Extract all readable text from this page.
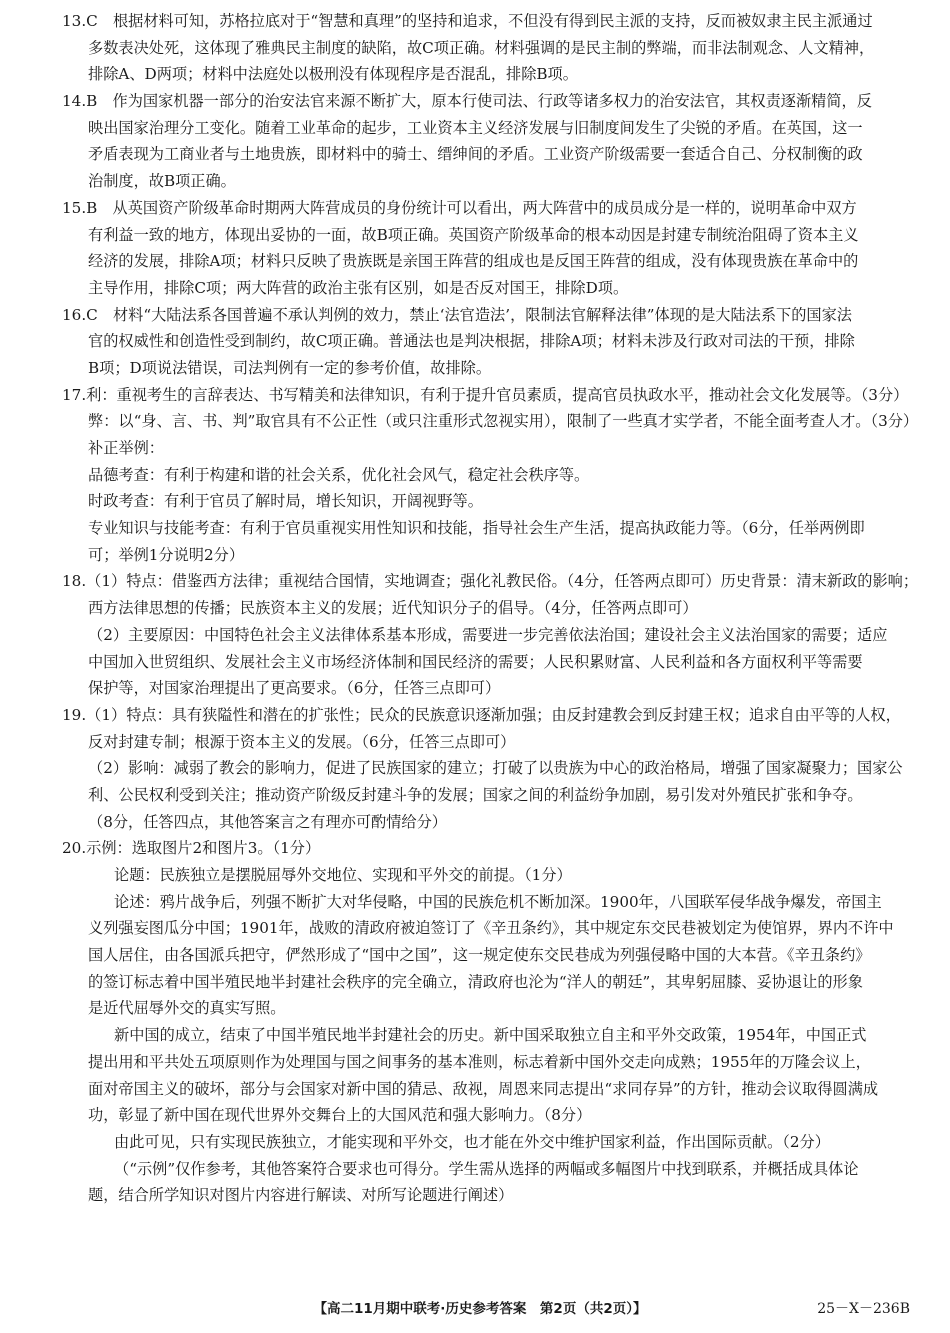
13.C　根据材料可知，苏格拉底对于“智慧和真理”的坚持和追求，不但没有得到民主派的支持，反而被奴隶主民主派通过
多数表决处死，这体现了雅典民主制度的缺陷，故C项正确。材料强调的是民主制的弊端，而非法制观念、人文精神，
排除A、D两项；材料中法庭处以极刑没有体现程序是否混乱，排除B项。
14.B　作为国家机器一部分的治安法官来源不断扩大，原本行使司法、行政等诸多权力的治安法官，其权责逐渐精简，反
映出国家治理分工变化。随着工业革命的起步，工业资本主义经济发展与旧制度间发生了尖锐的矛盾。在英国，这一
矛盾表现为工商业者与土地贵族，即材料中的骑士、缙绅间的矛盾。工业资产阶级需要一套适合自己、分权制衡的政
治制度，故B项正确。
15.B　从英国资产阶级革命时期两大阵营成员的身份统计可以看出，两大阵营中的成员成分是一样的，说明革命中双方
有利益一致的地方，体现出妥协的一面，故B项正确。英国资产阶级革命的根本动因是封建专制统治阻碍了资本主义
经济的发展，排除A项；材料只反映了贵族既是亲国王阵营的组成也是反国王阵营的组成，没有体现贵族在革命中的
主导作用，排除C项；两大阵营的政治主张有区别，如是否反对国王，排除D项。
16.C　材料“大陆法系各国普遍不承认判例的效力，禁止‘法官造法’，限制法官解释法律”体现的是大陆法系下的国家法
官的权威性和创造性受到制约，故C项正确。普通法也是判决根据，排除A项；材料未涉及行政对司法的干预，排除
B项；D项说法错误，司法判例有一定的参考价值，故排除。
17.利：重视考生的言辞表达、书写精美和法律知识，有利于提升官员素质，提高官员执政水平，推动社会文化发展等。（3分）
弊：以“身、言、书、判”取官具有不公正性（或只注重形式忽视实用），限制了一些真才实学者，不能全面考查人才。（3分）
补正举例：
品德考查：有利于构建和谐的社会关系，优化社会风气，稳定社会秩序等。
时政考查：有利于官员了解时局，增长知识，开阔视野等。
专业知识与技能考查：有利于官员重视实用性知识和技能，指导社会生产生活，提高执政能力等。（6分，任举两例即
可；举例1分说明2分）
18.（1）特点：借鉴西方法律；重视结合国情，实地调查；强化礼教民俗。（4分，任答两点即可）历史背景：清末新政的影响；
西方法律思想的传播；民族资本主义的发展；近代知识分子的倡导。（4分，任答两点即可）
（2）主要原因：中国特色社会主义法律体系基本形成，需要进一步完善依法治国；建设社会主义法治国家的需要；适应
中国加入世贸组织、发展社会主义市场经济体制和国民经济的需要；人民积累财富、人民利益和各方面权利平等需要
保护等，对国家治理提出了更高要求。（6分，任答三点即可）
19.（1）特点：具有狭隘性和潜在的扩张性；民众的民族意识逐渐加强；由反封建教会到反封建王权；追求自由平等的人权，
反对封建专制；根源于资本主义的发展。（6分，任答三点即可）
（2）影响：减弱了教会的影响力，促进了民族国家的建立；打破了以贵族为中心的政治格局，增强了国家凝聚力；国家公
利、公民权利受到关注；推动资产阶级反封建斗争的发展；国家之间的利益纷争加剧，易引发对外殖民扩张和争夺。
（8分，任答四点，其他答案言之有理亦可酌情给分）
20.示例：选取图片2和图片3。（1分）
论题：民族独立是摆脱屈辱外交地位、实现和平外交的前提。（1分）
论述：鸦片战争后，列强不断扩大对华侵略，中国的民族危机不断加深。1900年，八国联军侵华战争爆发，帝国主
义列强妄图瓜分中国；1901年，战败的清政府被迫签订了《辛丑条约》，其中规定东交民巷被划定为使馆界，界内不许中
国人居住，由各国派兵把守，俨然形成了“国中之国”，这一规定使东交民巷成为列强侵略中国的大本营。《辛丑条约》
的签订标志着中国半殖民地半封建社会秩序的完全确立，清政府也沦为“洋人的朝廷”，其卑躬屈膝、妥协退让的形象
是近代屈辱外交的真实写照。
新中国的成立，结束了中国半殖民地半封建社会的历史。新中国采取独立自主和平外交政策，1954年，中国正式
提出用和平共处五项原则作为处理国与国之间事务的基本准则，标志着新中国外交走向成熟；1955年的万隆会议上，
面对帝国主义的破坏，部分与会国家对新中国的猜忌、敌视，周恩来同志提出“求同存异”的方针，推动会议取得圆满成
功，彰显了新中国在现代世界外交舞台上的大国风范和强大影响力。（8分）
由此可见，只有实现民族独立，才能实现和平外交，也才能在外交中维护国家利益，作出国际贡献。（2分）
（“示例”仅作参考，其他答案符合要求也可得分。学生需从选择的两幅或多幅图片中找到联系，并概括成具体论
题，结合所学知识对图片内容进行解读、对所写论题进行阐述）
【高二11月期中联考·历史参考答案　第2页（共2页）】	25－X－236B
